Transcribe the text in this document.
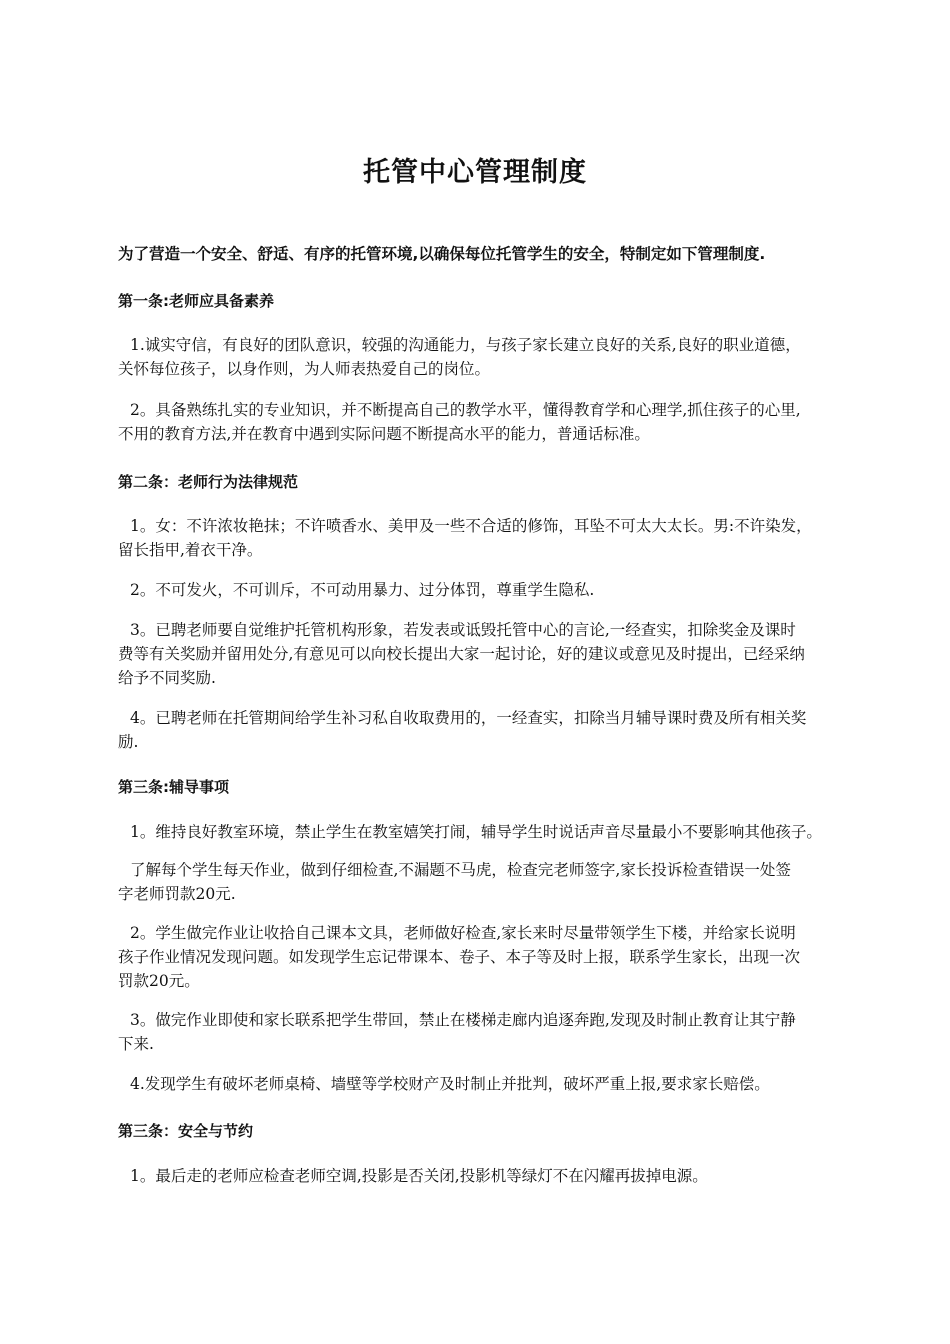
托管中心管理制度
为了营造一个安全、舒适、有序的托管环境,以确保每位托管学生的安全，特制定如下管理制度.
第一条:老师应具备素养
1.诚实守信，有良好的团队意识，较强的沟通能力，与孩子家长建立良好的关系,良好的职业道德，
关怀每位孩子，以身作则，为人师表热爱自己的岗位。
2。具备熟练扎实的专业知识，并不断提高自己的教学水平，懂得教育学和心理学,抓住孩子的心里,
不用的教育方法,并在教育中遇到实际问题不断提高水平的能力，普通话标准。
第二条：老师行为法律规范
1。女：不许浓妆艳抹；不许喷香水、美甲及一些不合适的修饰，耳坠不可太大太长。男:不许染发，
留长指甲,着衣干净。
2。不可发火，不可训斥，不可动用暴力、过分体罚，尊重学生隐私.
3。已聘老师要自觉维护托管机构形象，若发表或诋毁托管中心的言论,一经查实，扣除奖金及课时
费等有关奖励并留用处分,有意见可以向校长提出大家一起讨论，好的建议或意见及时提出，已经采纳
给予不同奖励.
4。已聘老师在托管期间给学生补习私自收取费用的，一经查实，扣除当月辅导课时费及所有相关奖
励.
第三条:辅导事项
1。维持良好教室环境，禁止学生在教室嬉笑打闹，辅导学生时说话声音尽量最小不要影响其他孩子。
了解每个学生每天作业，做到仔细检查,不漏题不马虎，检查完老师签字,家长投诉检查错误一处签
字老师罚款20元.
2。学生做完作业让收拾自己课本文具，老师做好检查,家长来时尽量带领学生下楼，并给家长说明
孩子作业情况发现问题。如发现学生忘记带课本、卷子、本子等及时上报，联系学生家长，出现一次
罚款20元。
3。做完作业即使和家长联系把学生带回，禁止在楼梯走廊内追逐奔跑,发现及时制止教育让其宁静
下来.
4.发现学生有破坏老师桌椅、墙壁等学校财产及时制止并批判，破坏严重上报,要求家长赔偿。
第三条：安全与节约
1。最后走的老师应检查老师空调,投影是否关闭,投影机等绿灯不在闪耀再拔掉电源。
